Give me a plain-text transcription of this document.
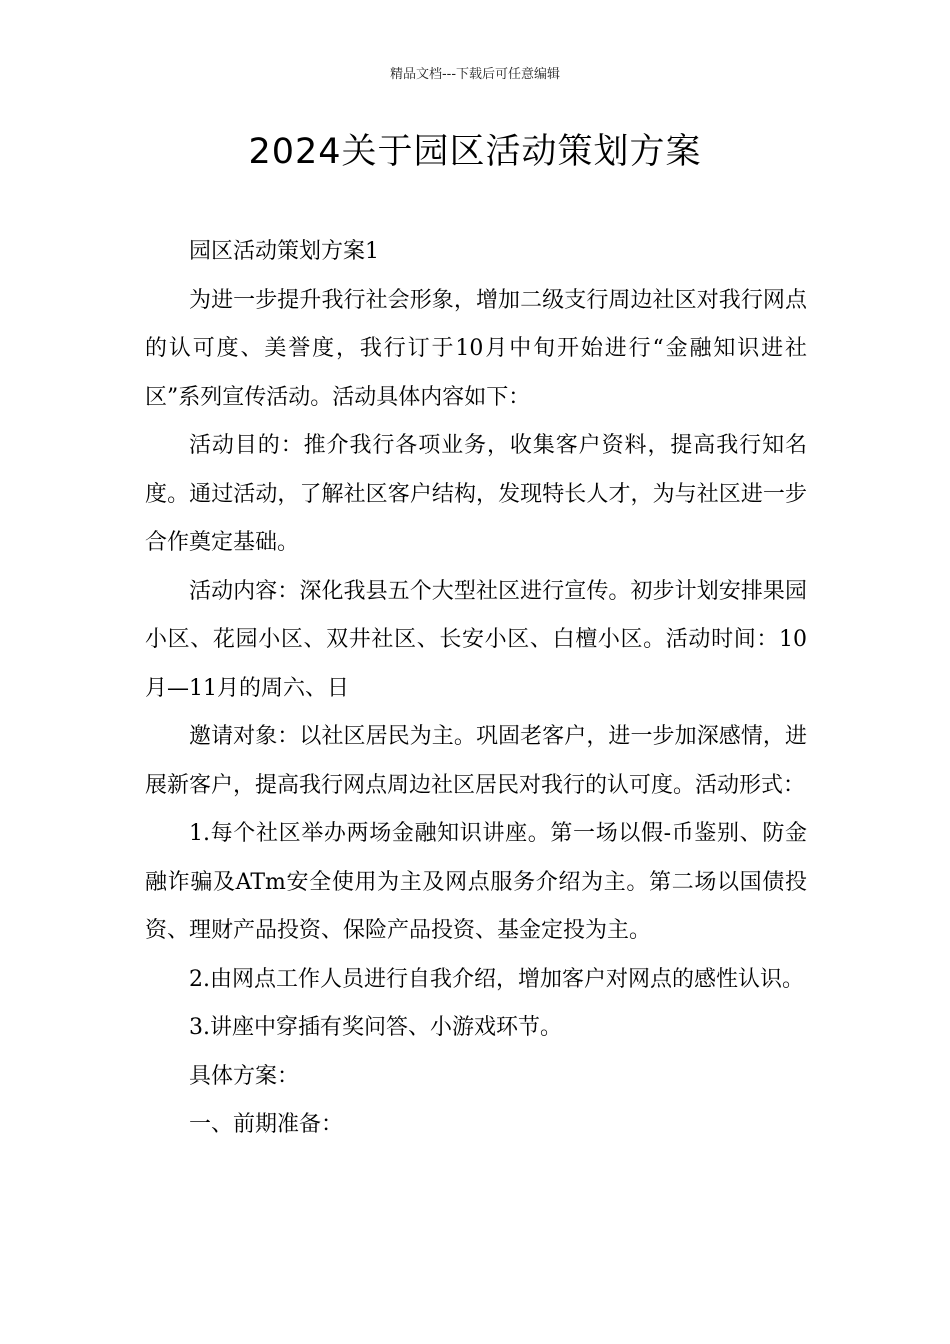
精品文档---下载后可任意编辑
2024关于园区活动策划方案

园区活动策划方案1

为进一步提升我行社会形象，增加二级支行周边社区对我行网点的认可度、美誉度，我行订于10月中旬开始进行“金融知识进社区”系列宣传活动。活动具体内容如下：

活动目的：推介我行各项业务，收集客户资料，提高我行知名度。通过活动，了解社区客户结构，发现特长人才，为与社区进一步合作奠定基础。

活动内容：深化我县五个大型社区进行宣传。初步计划安排果园小区、花园小区、双井社区、长安小区、白檀小区。活动时间：10月—11月的周六、日

邀请对象：以社区居民为主。巩固老客户，进一步加深感情，进展新客户，提高我行网点周边社区居民对我行的认可度。活动形式：

1.每个社区举办两场金融知识讲座。第一场以假-币鉴别、防金融诈骗及ATm安全使用为主及网点服务介绍为主。第二场以国债投资、理财产品投资、保险产品投资、基金定投为主。

2.由网点工作人员进行自我介绍，增加客户对网点的感性认识。

3.讲座中穿插有奖问答、小游戏环节。

具体方案：

一、前期准备：
